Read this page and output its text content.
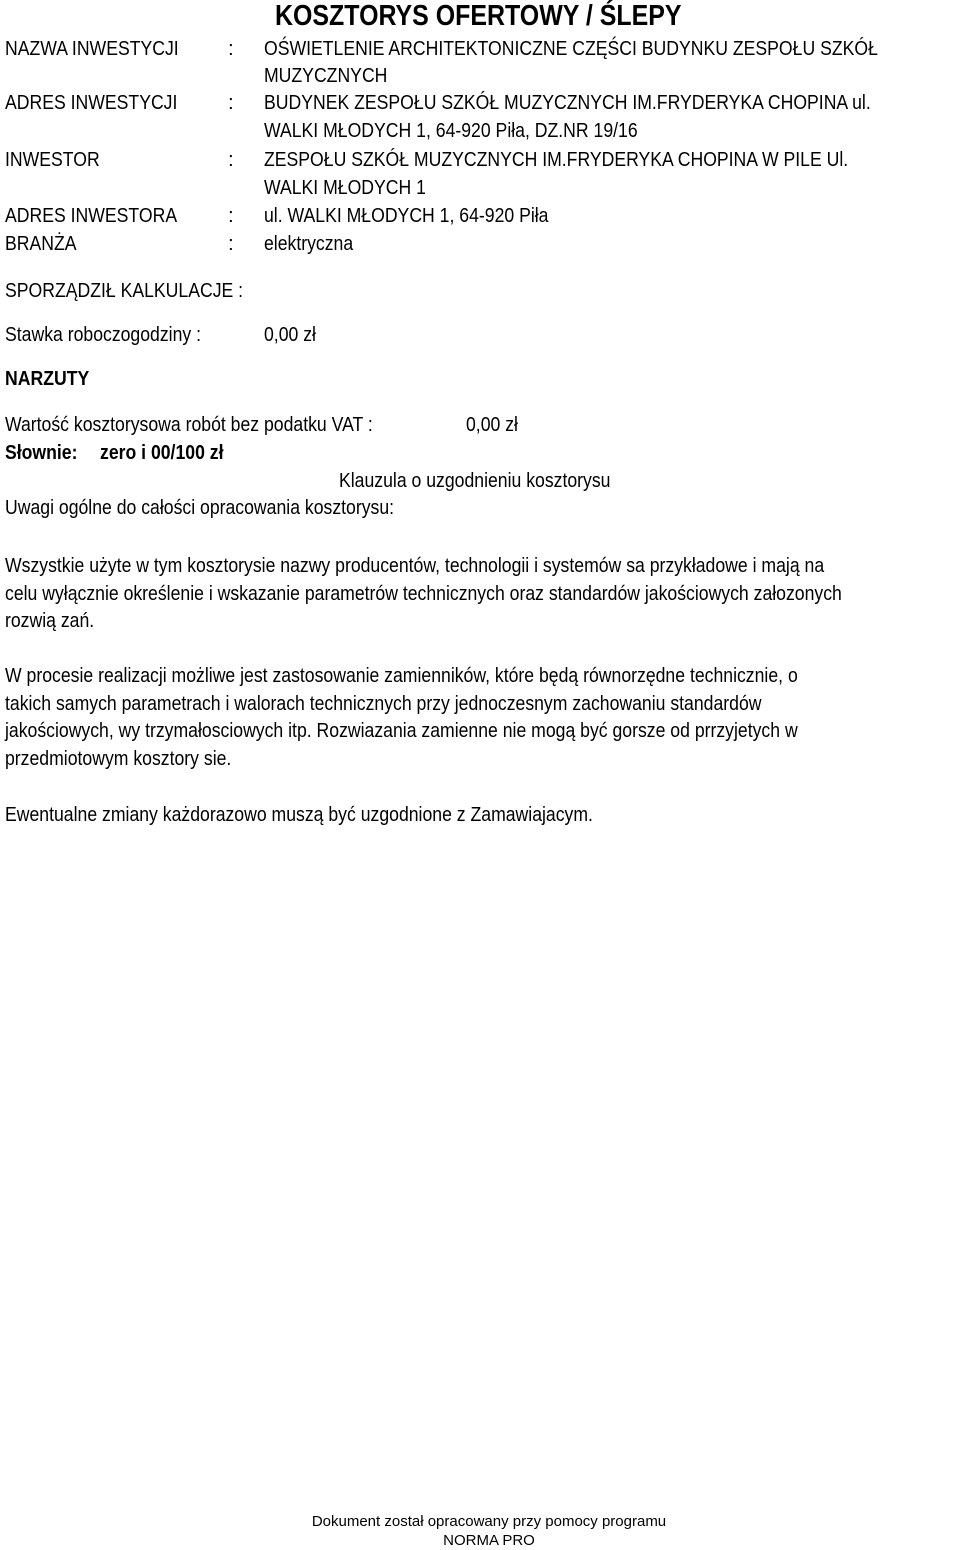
KOSZTORYS OFERTOWY / ŚLEPY
NAZWA INWESTYCJI	: OŚWIETLENIE ARCHITEKTONICZNE CZĘŚCI BUDYNKU ZESPOŁU SZKÓŁ
MUZYCZNYCH
ADRES INWESTYCJI	: BUDYNEK ZESPOŁU SZKÓŁ MUZYCZNYCH IM.FRYDERYKA CHOPINA ul.
WALKI MŁODYCH 1, 64-920 Piła, DZ.NR 19/16
INWESTOR	: ZESPOŁU SZKÓŁ MUZYCZNYCH IM.FRYDERYKA CHOPINA W PILE Ul.
WALKI MŁODYCH 1
ADRES INWESTORA	: ul. WALKI MŁODYCH 1, 64-920 Piła
BRANŻA	: elektryczna
SPORZĄDZIŁ KALKULACJE :
Stawka roboczogodziny :	0,00 zł
NARZUTY
Wartość kosztorysowa robót bez podatku VAT :	0,00 zł
Słownie:	zero i 00/100 zł
Klauzula o uzgodnieniu kosztorysu
Uwagi ogólne do całości opracowania kosztorysu:
Wszystkie użyte w tym kosztorysie nazwy producentów, technologii i systemów sa przykładowe i mają na celu wyłącznie określenie i wskazanie parametrów technicznych oraz standardów jakościowych załozonych rozwią zań.
W procesie realizacji możliwe jest zastosowanie zamienników, które będą równorzędne technicznie, o takich samych parametrach i walorach technicznych przy jednoczesnym zachowaniu standardów jakościowych, wy trzymałosciowych itp. Rozwiazania zamienne nie mogą być gorsze od prrzyjetych w przedmiotowym kosztory sie.
Ewentualne zmiany każdorazowo muszą być uzgodnione z Zamawiajacym.
Dokument został opracowany przy pomocy programu
NORMA PRO
